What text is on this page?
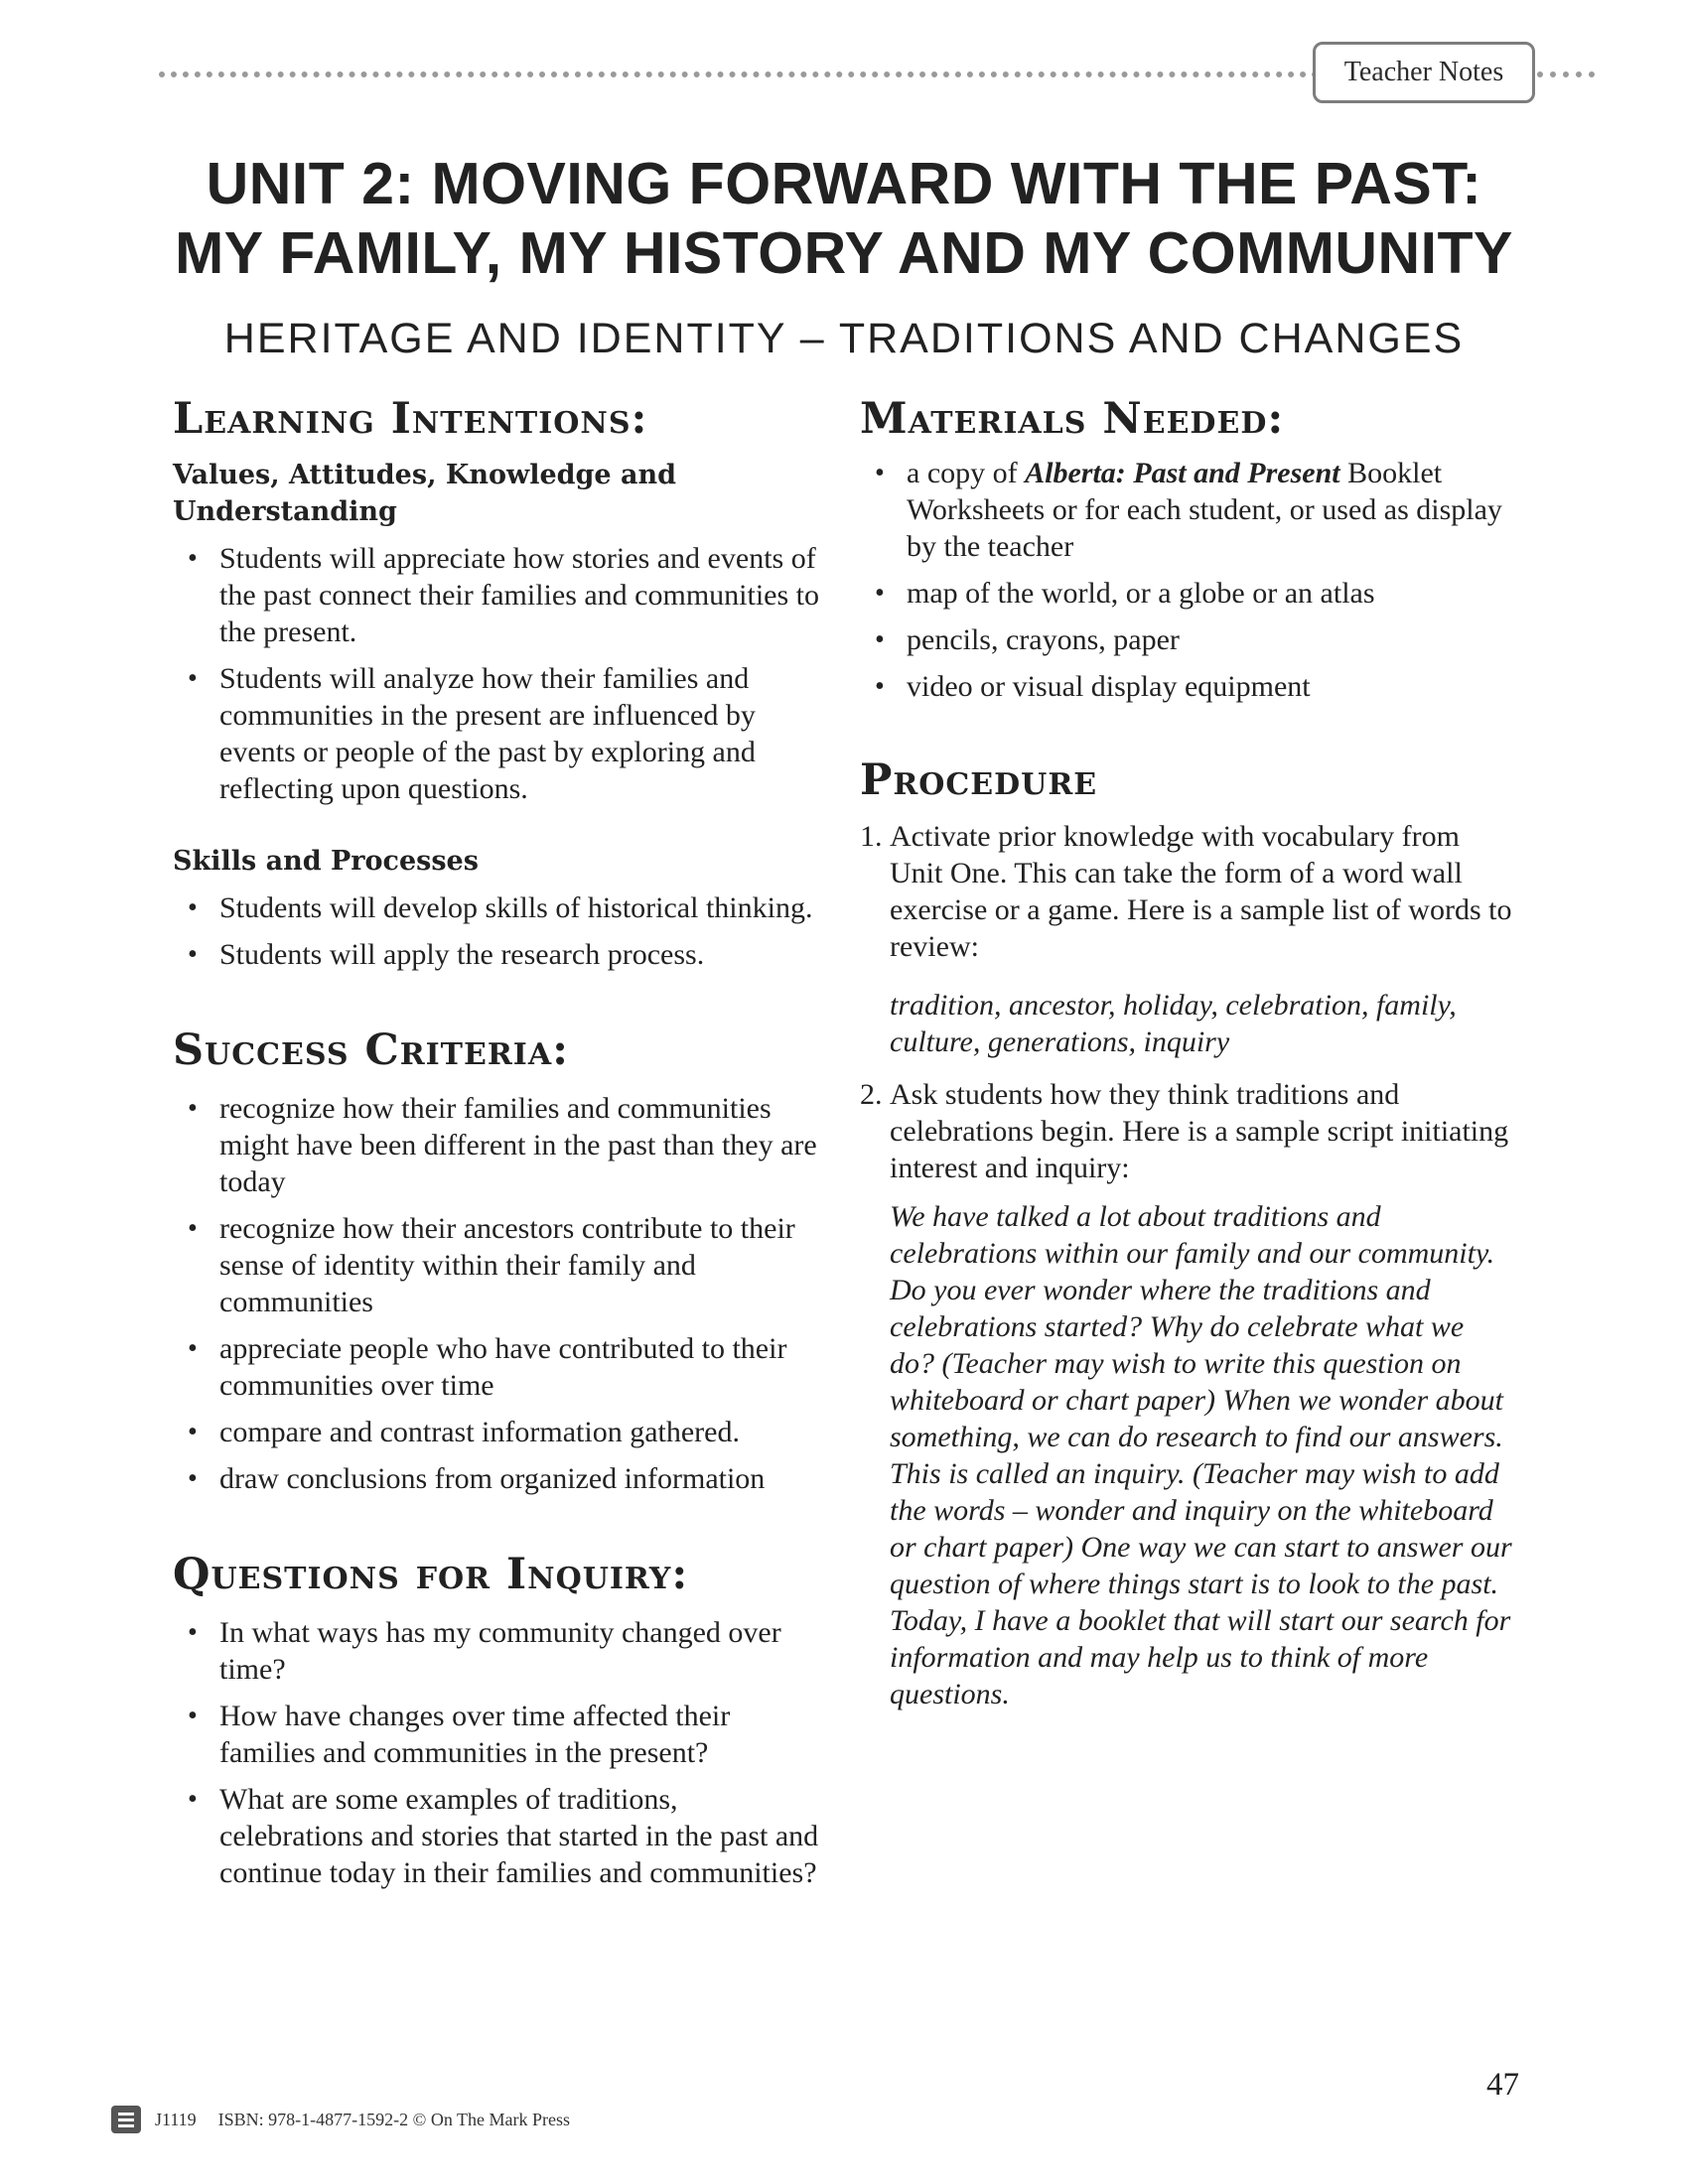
Teacher Notes
UNIT 2: MOVING FORWARD WITH THE PAST:
MY FAMILY, MY HISTORY AND MY COMMUNITY
HERITAGE AND IDENTITY – TRADITIONS AND CHANGES
Learning Intentions:
Values, Attitudes, Knowledge and Understanding
• Students will appreciate how stories and events of the past connect their families and communities to the present.
• Students will analyze how their families and communities in the present are influenced by events or people of the past by exploring and reflecting upon questions.
Skills and Processes
• Students will develop skills of historical thinking.
• Students will apply the research process.
Success Criteria:
• recognize how their families and communities might have been different in the past than they are today
• recognize how their ancestors contribute to their sense of identity within their family and communities
• appreciate people who have contributed to their communities over time
• compare and contrast information gathered.
• draw conclusions from organized information
Questions for Inquiry:
• In what ways has my community changed over time?
• How have changes over time affected their families and communities in the present?
• What are some examples of traditions, celebrations and stories that started in the past and continue today in their families and communities?
Materials Needed:
• a copy of Alberta: Past and Present Booklet Worksheets or for each student, or used as display by the teacher
• map of the world, or a globe or an atlas
• pencils, crayons, paper
• video or visual display equipment
Procedure
1. Activate prior knowledge with vocabulary from Unit One. This can take the form of a word wall exercise or a game. Here is a sample list of words to review:
tradition, ancestor, holiday, celebration, family, culture, generations, inquiry
2. Ask students how they think traditions and celebrations begin. Here is a sample script initiating interest and inquiry:
We have talked a lot about traditions and celebrations within our family and our community. Do you ever wonder where the traditions and celebrations started? Why do celebrate what we do? (Teacher may wish to write this question on whiteboard or chart paper) When we wonder about something, we can do research to find our answers. This is called an inquiry. (Teacher may wish to add the words – wonder and inquiry on the whiteboard or chart paper) One way we can start to answer our question of where things start is to look to the past. Today, I have a booklet that will start our search for information and may help us to think of more questions.
J1119 ISBN: 978-1-4877-1592-2 © On The Mark Press
47
